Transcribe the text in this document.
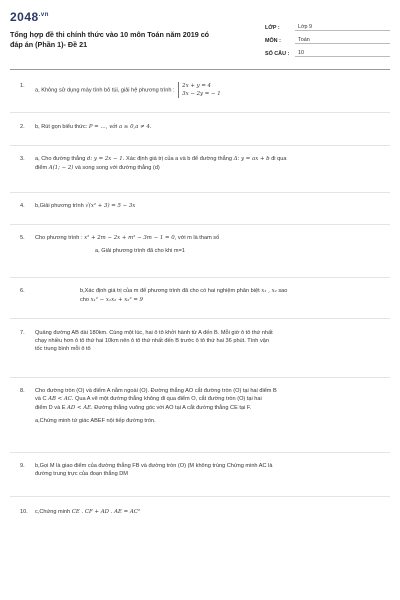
$2048^{.vn}$
Tổng hợp đề thi chính thức vào 10 môn Toán năm 2019 có
đáp án (Phần 1)- Đề 21
LỚP :	Lớp 9
MÔN :	Toán
SỐ CÂU :	10
1.
a, Không sử dụng máy tính bỏ túi, giải hệ phương trình : 2x + y = 4
3x − 2y = − 1
2. b, Rút gọn biểu thức: P = …, với a ≥ 0,a ≠ 4.
3. a, Cho đường thẳng d: y = 2x − 1. Xác định giá trị của a và b để đường thẳng Δ: y = ax + b đi qua
điểm A(1; − 2) và song song với đường thẳng (d)
4. b,Giải phương trình √(x² + 3) = 5 − 3x
5. Cho phương trình : x² + 2m − 2x + m² − 3m − 1 = 0, với m là tham số
a, Giải phương trình đã cho khi m=1
6.	b,Xác định giá trị của m để phương trình đã cho có hai nghiệm phân biệt x₁ , x₂ sao
cho x₁² − x₁x₂ + x₂² = 9
7. Quảng đường AB dài 180km. Cùng một lúc, hai ô tô khởi hành từ A đến B. Mỗi giờ ô tô thứ nhất
chạy nhiều hơn ô tô thứ hai 10km nên ô tô thứ nhất đến B trước ô tô thứ hai 36 phút. Tính vận
tốc trung bình mỗi ô tô
8. Cho đường tròn (O) và điểm A nằm ngoài (O). Đường thẳng AO cắt đường tròn (O) tại hai điểm B
và C AB < AC. Qua A vẽ một đường thẳng không đi qua điểm O, cắt đường tròn (O) tại hai
điểm D và E AD < AE. Đường thẳng vuông góc với AO tại A cắt đường thẳng CE tại F.
a,Chứng minh tứ giác ABEF nội tiếp đường tròn.
9. b,Gọi M là giao điểm của đường thẳng FB và đường tròn (O) (M không trùng Chứng minh AC là
đường trung trực của đoạn thẳng DM
10. c,Chứng minh CE . CF + AD . AE = AC²
